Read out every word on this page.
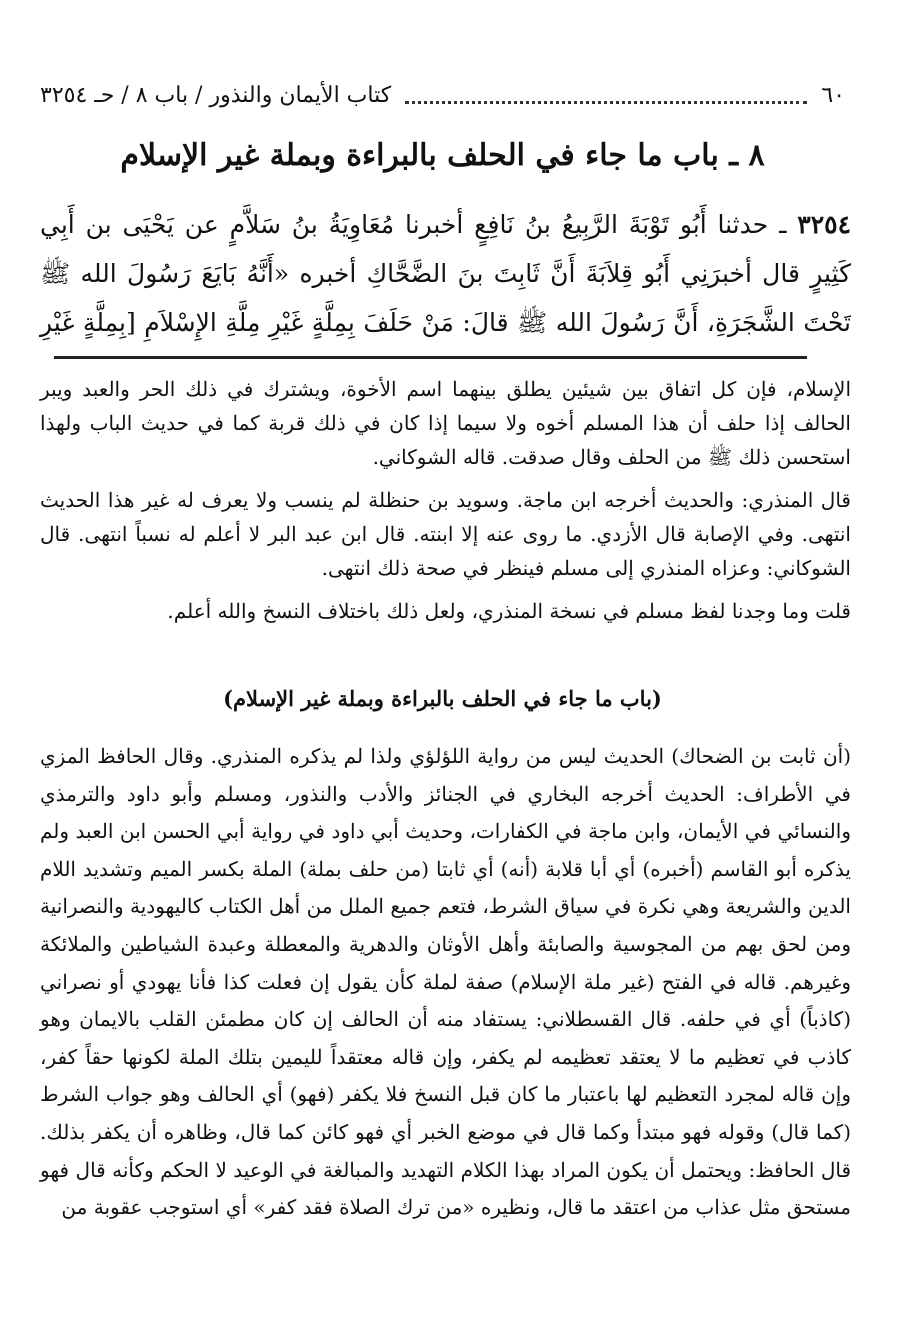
٦٠
كتاب الأيمان والنذور / باب ٨ / حـ ٣٢٥٤
٨ ـ باب ما جاء في الحلف بالبراءة وبملة غير الإسلام
٣٢٥٤ ـ حدثنا أَبُو تَوْبَةَ الرَّبِيعُ بنُ نَافِعٍ أخبرنا مُعَاوِيَةُ بنُ سَلاَّمٍ عن يَحْيَى بن أَبِي كَثِيرٍ قال أخبرَنِي أَبُو قِلاَبَةَ أَنَّ ثَابِتَ بنَ الضَّحَّاكِ أخبره «أَنَّهُ بَايَعَ رَسُولَ الله ﷺ تَحْتَ الشَّجَرَةِ، أَنَّ رَسُولَ الله ﷺ قالَ: مَنْ حَلَفَ بِمِلَّةٍ غَيْرِ مِلَّةِ الإِسْلاَمِ [بِمِلَّةٍ غَيْرِ

الإسلام، فإن كل اتفاق بين شيئين يطلق بينهما اسم الأخوة، ويشترك في ذلك الحر والعبد ويبر الحالف إذا حلف أن هذا المسلم أخوه ولا سيما إذا كان في ذلك قربة كما في حديث الباب ولهذا استحسن ذلك ﷺ من الحلف وقال صدقت. قاله الشوكاني.

قال المنذري: والحديث أخرجه ابن ماجة. وسويد بن حنظلة لم ينسب ولا يعرف له غير هذا الحديث انتهى. وفي الإصابة قال الأزدي. ما روى عنه إلا ابنته. قال ابن عبد البر لا أعلم له نسباً انتهى. قال الشوكاني: وعزاه المنذري إلى مسلم فينظر في صحة ذلك انتهى.

قلت وما وجدنا لفظ مسلم في نسخة المنذري، ولعل ذلك باختلاف النسخ والله أعلم.

(باب ما جاء في الحلف بالبراءة وبملة غير الإسلام)

(أن ثابت بن الضحاك) الحديث ليس من رواية اللؤلؤي ولذا لم يذكره المنذري. وقال الحافظ المزي في الأطراف: الحديث أخرجه البخاري في الجنائز والأدب والنذور، ومسلم وأبو داود والترمذي والنسائي في الأيمان، وابن ماجة في الكفارات، وحديث أبي داود في رواية أبي الحسن ابن العبد ولم يذكره أبو القاسم (أخبره) أي أبا قلابة (أنه) أي ثابتا (من حلف بملة) الملة بكسر الميم وتشديد اللام الدين والشريعة وهي نكرة في سياق الشرط، فتعم جميع الملل من أهل الكتاب كاليهودية والنصرانية ومن لحق بهم من المجوسية والصابئة وأهل الأوثان والدهرية والمعطلة وعبدة الشياطين والملائكة وغيرهم. قاله في الفتح (غير ملة الإسلام) صفة لملة كأن يقول إن فعلت كذا فأنا يهودي أو نصراني (كاذباً) أي في حلفه. قال القسطلاني: يستفاد منه أن الحالف إن كان مطمئن القلب بالايمان وهو كاذب في تعظيم ما لا يعتقد تعظيمه لم يكفر، وإن قاله معتقداً لليمين بتلك الملة لكونها حقاً كفر، وإن قاله لمجرد التعظيم لها باعتبار ما كان قبل النسخ فلا يكفر (فهو) أي الحالف وهو جواب الشرط (كما قال) وقوله فهو مبتدأ وكما قال في موضع الخبر أي فهو كائن كما قال، وظاهره أن يكفر بذلك. قال الحافظ: ويحتمل أن يكون المراد بهذا الكلام التهديد والمبالغة في الوعيد لا الحكم وكأنه قال فهو مستحق مثل عذاب من اعتقد ما قال، ونظيره «من ترك الصلاة فقد كفر» أي استوجب عقوبة من
